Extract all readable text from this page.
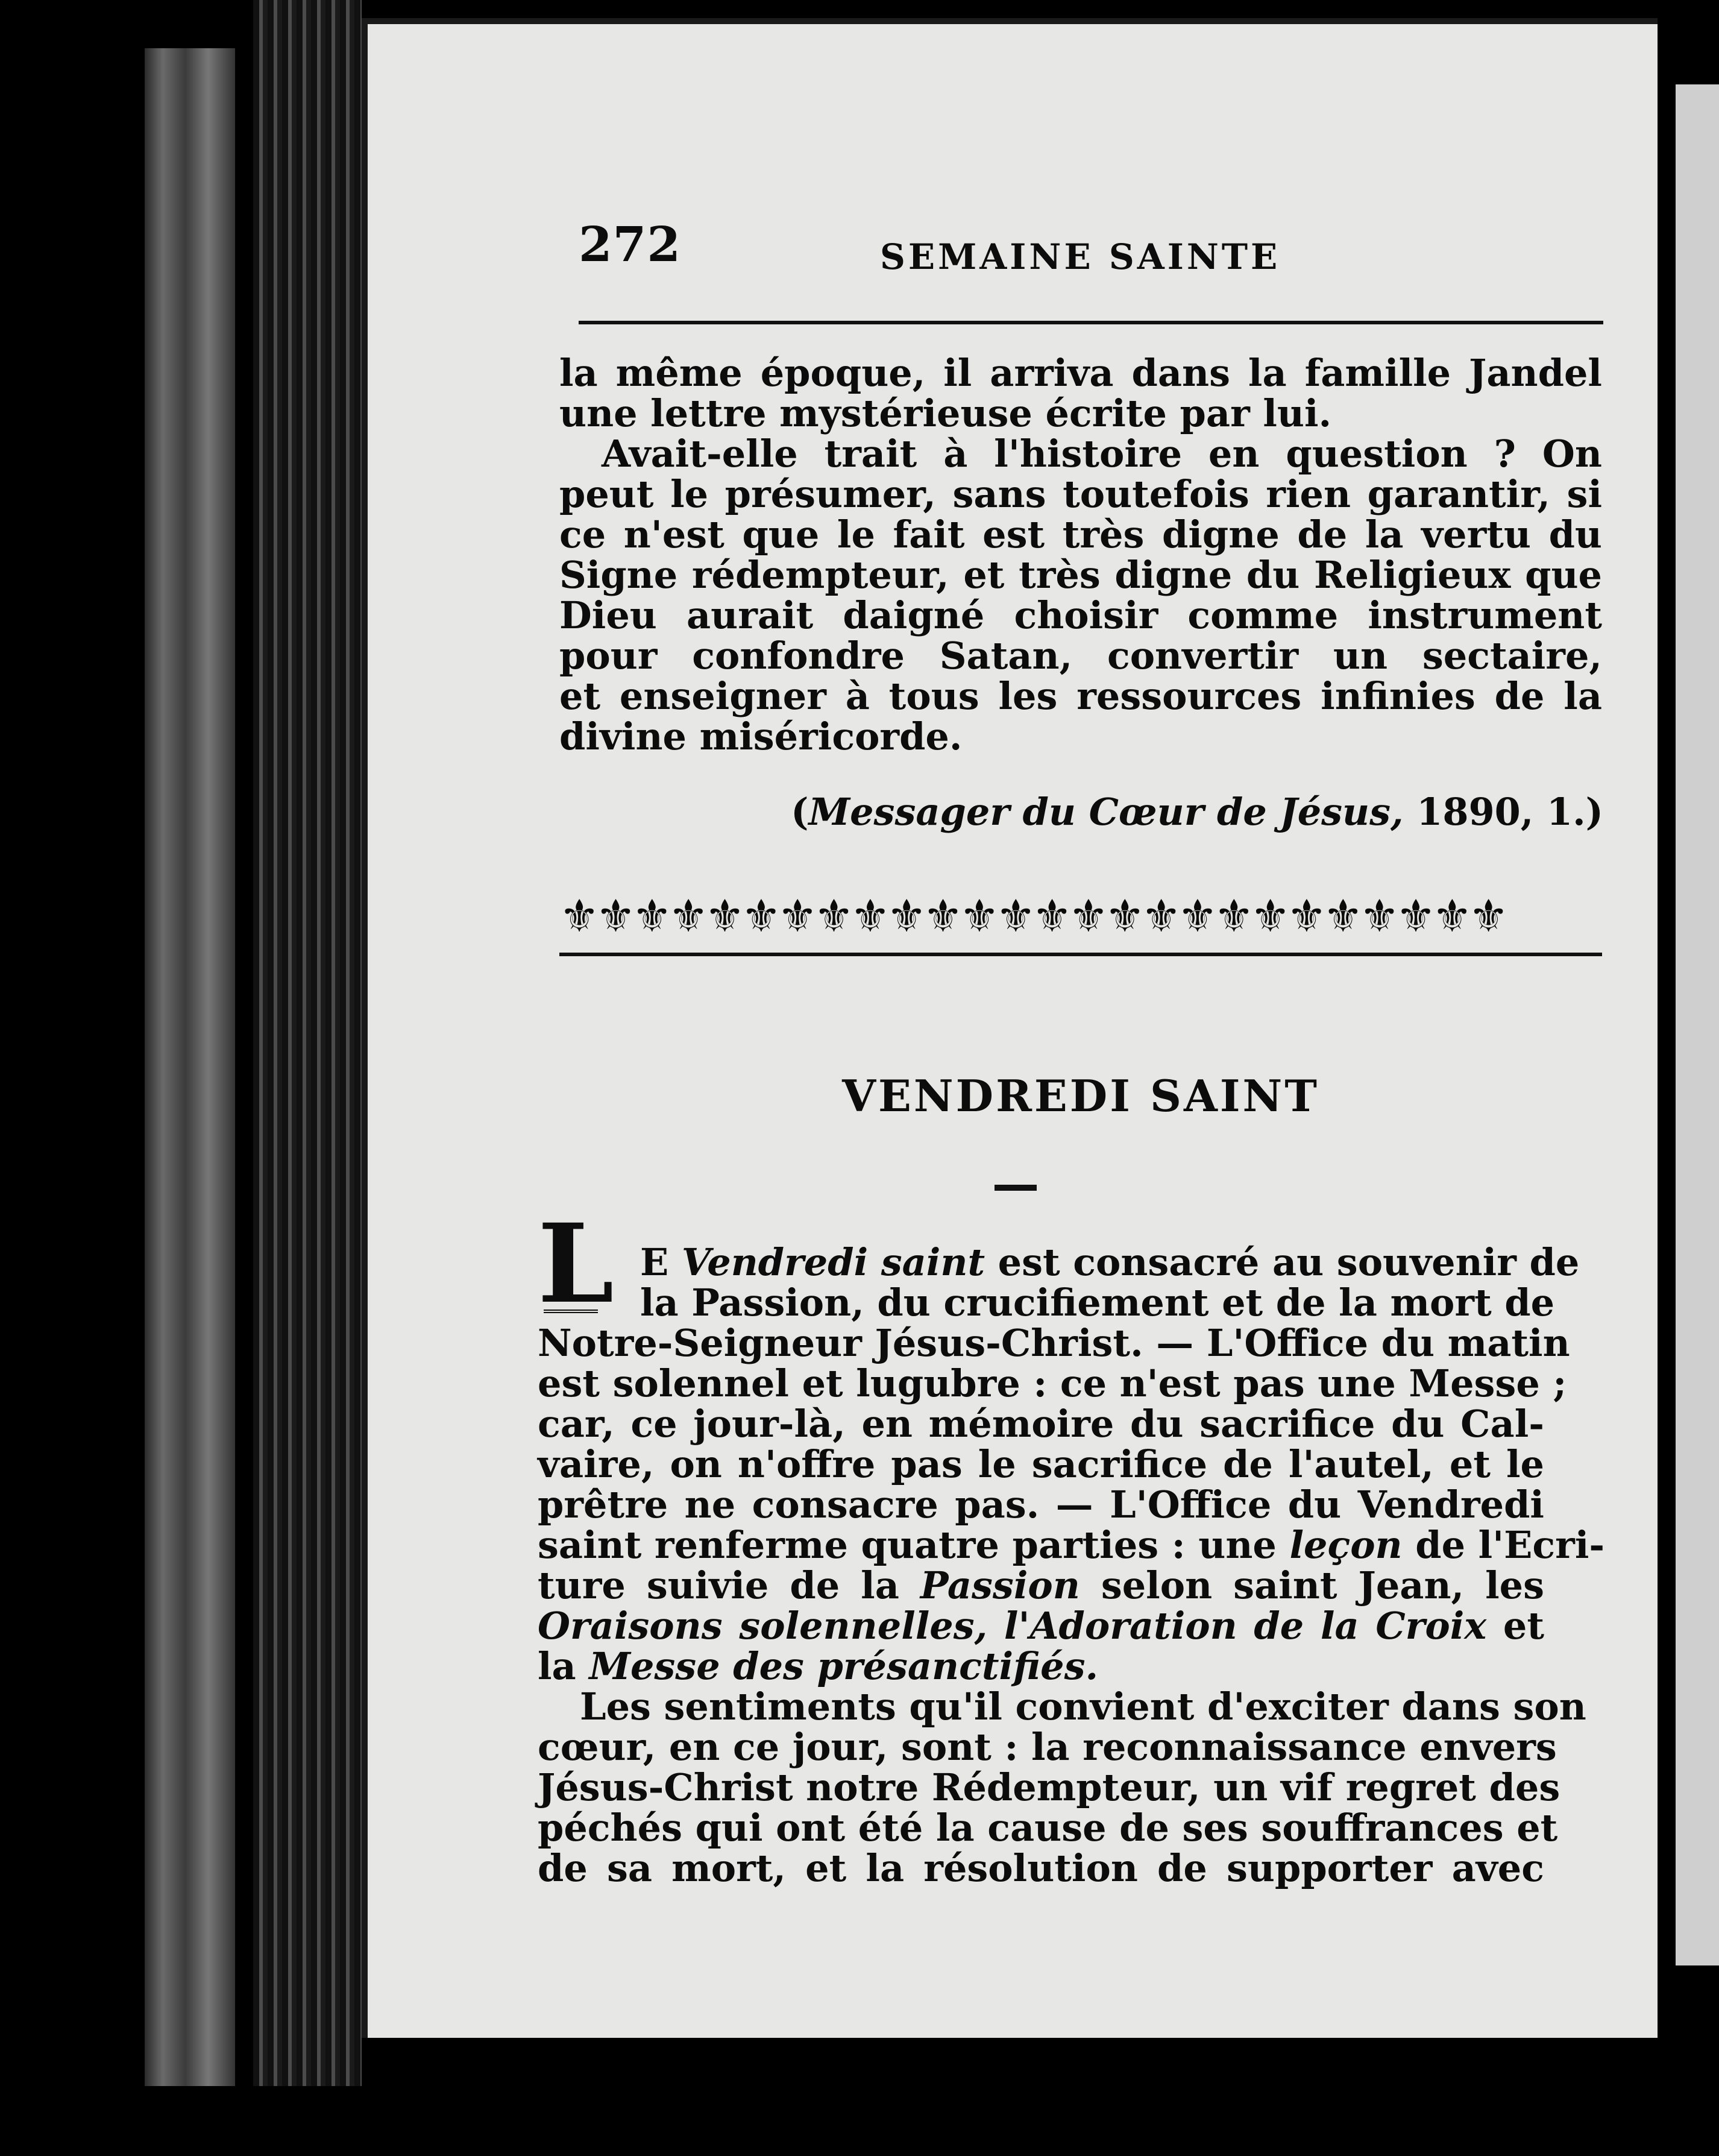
272	SEMAINE SAINTE
la même époque, il arriva dans la famille Jandel
une lettre mystérieuse écrite par lui.
Avait-elle trait à l'histoire en question ? On
peut le présumer, sans toutefois rien garantir, si
ce n'est que le fait est très digne de la vertu du
Signe rédempteur, et très digne du Religieux que
Dieu aurait daigné choisir comme instrument
pour confondre Satan, convertir un sectaire,
et enseigner à tous les ressources infinies de la
divine miséricorde.
(Messager du Cœur de Jésus, 1890, 1.)
⚜⚜⚜⚜⚜⚜⚜⚜⚜⚜⚜⚜⚜⚜⚜⚜⚜⚜⚜⚜⚜⚜⚜⚜⚜⚜
VENDREDI SAINT
L E Vendredi saint est consacré au souvenir de
la Passion, du crucifiement et de la mort de
Notre-Seigneur Jésus-Christ. — L'Office du matin
est solennel et lugubre : ce n'est pas une Messe ;
car, ce jour-là, en mémoire du sacrifice du Cal-
vaire, on n'offre pas le sacrifice de l'autel, et le
prêtre ne consacre pas. — L'Office du Vendredi
saint renferme quatre parties : une leçon de l'Ecri-
ture suivie de la Passion selon saint Jean, les
Oraisons solennelles, l'Adoration de la Croix et
la Messe des présanctifiés.
Les sentiments qu'il convient d'exciter dans son
cœur, en ce jour, sont : la reconnaissance envers
Jésus-Christ notre Rédempteur, un vif regret des
péchés qui ont été la cause de ses souffrances et
de sa mort, et la résolution de supporter avec
